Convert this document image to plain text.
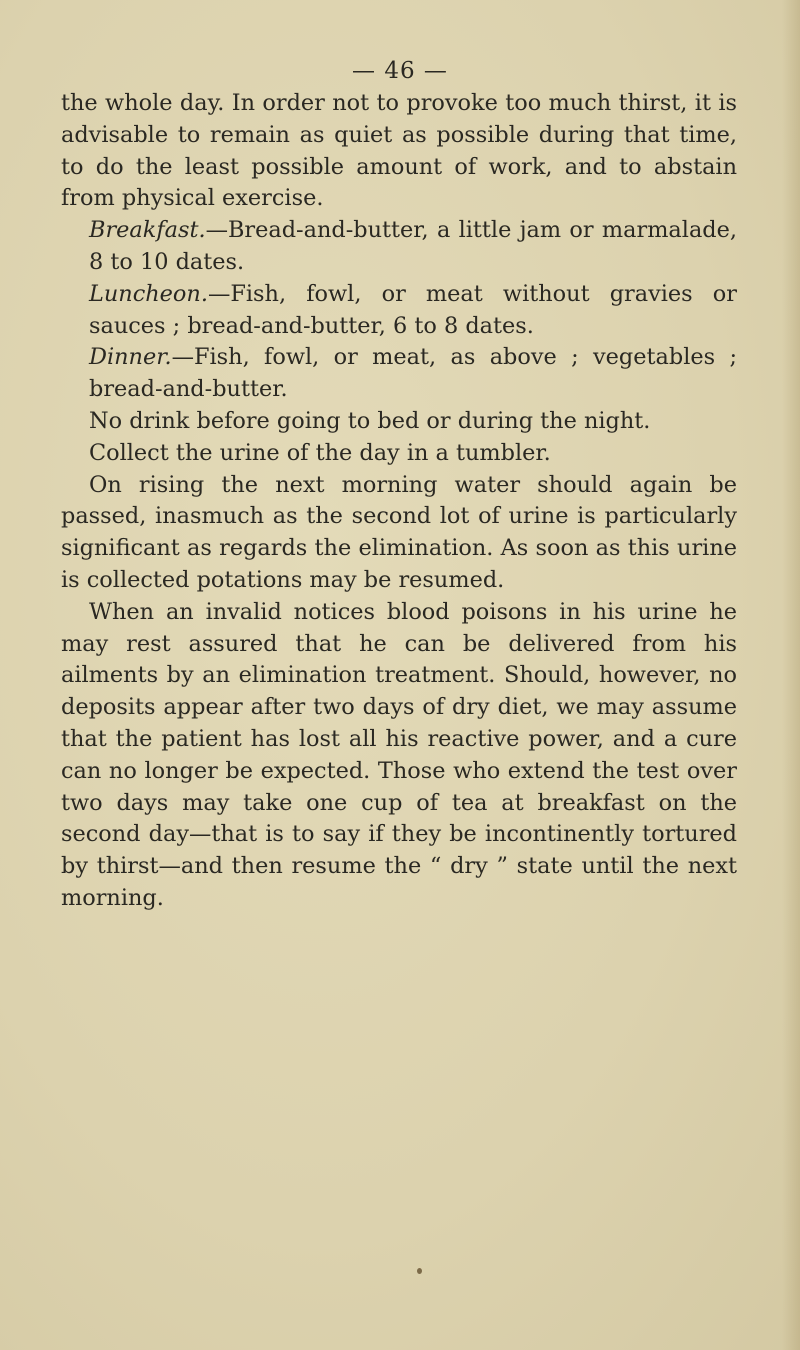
— 46 —

the whole day. In order not to provoke too much thirst, it is advisable to remain as quiet as possible during that time, to do the least possible amount of work, and to abstain from physical exercise.

Breakfast.—Bread-and-butter, a little jam or marmalade, 8 to 10 dates.

Luncheon.—Fish, fowl, or meat without gravies or sauces ; bread-and-butter, 6 to 8 dates.

Dinner.—Fish, fowl, or meat, as above ; vegetables ; bread-and-butter.

No drink before going to bed or during the night.

Collect the urine of the day in a tumbler.

On rising the next morning water should again be passed, inasmuch as the second lot of urine is particularly significant as regards the elimination. As soon as this urine is collected potations may be resumed.

When an invalid notices blood poisons in his urine he may rest assured that he can be delivered from his ailments by an elimination treatment. Should, however, no deposits appear after two days of dry diet, we may assume that the patient has lost all his reactive power, and a cure can no longer be expected. Those who extend the test over two days may take one cup of tea at breakfast on the second day—that is to say if they be incontinently tortured by thirst—and then resume the “ dry ” state until the next morning.
